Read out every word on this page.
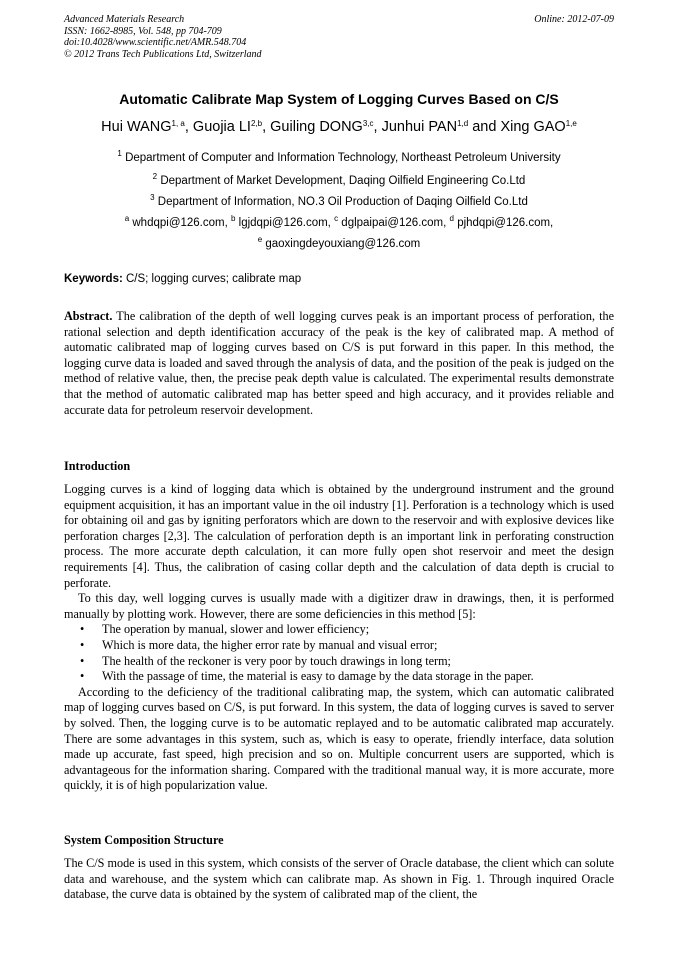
Advanced Materials Research
ISSN: 1662-8985, Vol. 548, pp 704-709
doi:10.4028/www.scientific.net/AMR.548.704
© 2012 Trans Tech Publications Ltd, Switzerland
Online: 2012-07-09
Automatic Calibrate Map System of Logging Curves Based on C/S
Hui WANG$^{1, a}$, Guojia LI$^{2,b}$, Guiling DONG$^{3,c}$, Junhui PAN$^{1,d}$ and Xing GAO$^{1,e}$
$^1$ Department of Computer and Information Technology, Northeast Petroleum University
$^2$ Department of Market Development, Daqing Oilfield Engineering Co.Ltd
$^3$ Department of Information, NO.3 Oil Production of Daqing Oilfield Co.Ltd
$^a$ whdqpi@126.com, $^b$ lgjdqpi@126.com, $^c$ dglpaipai@126.com, $^d$ pjhdqpi@126.com,
$^e$ gaoxingdeyouxiang@126.com
Keywords: C/S; logging curves; calibrate map

Abstract. The calibration of the depth of well logging curves peak is an important process of perforation, the rational selection and depth identification accuracy of the peak is the key of calibrated map. A method of automatic calibrated map of logging curves based on C/S is put forward in this paper. In this method, the logging curve data is loaded and saved through the analysis of data, and the position of the peak is judged on the method of relative value, then, the precise peak depth value is calculated. The experimental results demonstrate that the method of automatic calibrated map has better speed and high accuracy, and it provides reliable and accurate data for petroleum reservoir development.

Introduction

Logging curves is a kind of logging data which is obtained by the underground instrument and the ground equipment acquisition, it has an important value in the oil industry [1]. Perforation is a technology which is used for obtaining oil and gas by igniting perforators which are down to the reservoir and with explosive devices like perforation charges [2,3]. The calculation of perforation depth is an important link in perforating construction process. The more accurate depth calculation, it can more fully open shot reservoir and meet the design requirements [4]. Thus, the calibration of casing collar depth and the calculation of data depth is crucial to perforate.

To this day, well logging curves is usually made with a digitizer draw in drawings, then, it is performed manually by plotting work. However, there are some deficiencies in this method [5]:

• The operation by manual, slower and lower efficiency;
• Which is more data, the higher error rate by manual and visual error;
• The health of the reckoner is very poor by touch drawings in long term;
• With the passage of time, the material is easy to damage by the data storage in the paper.

According to the deficiency of the traditional calibrating map, the system, which can automatic calibrated map of logging curves based on C/S, is put forward. In this system, the data of logging curves is saved to server by solved. Then, the logging curve is to be automatic replayed and to be automatic calibrated map accurately. There are some advantages in this system, such as, which is easy to operate, friendly interface, data solution made up accurate, fast speed, high precision and so on. Multiple concurrent users are supported, which is advantageous for the information sharing. Compared with the traditional manual way, it is more accurate, more quickly, it is of high popularization value.

System Composition Structure

The C/S mode is used in this system, which consists of the server of Oracle database, the client which can solute data and warehouse, and the system which can calibrate map. As shown in Fig. 1. Through inquired Oracle database, the curve data is obtained by the system of calibrated map of the client, the
